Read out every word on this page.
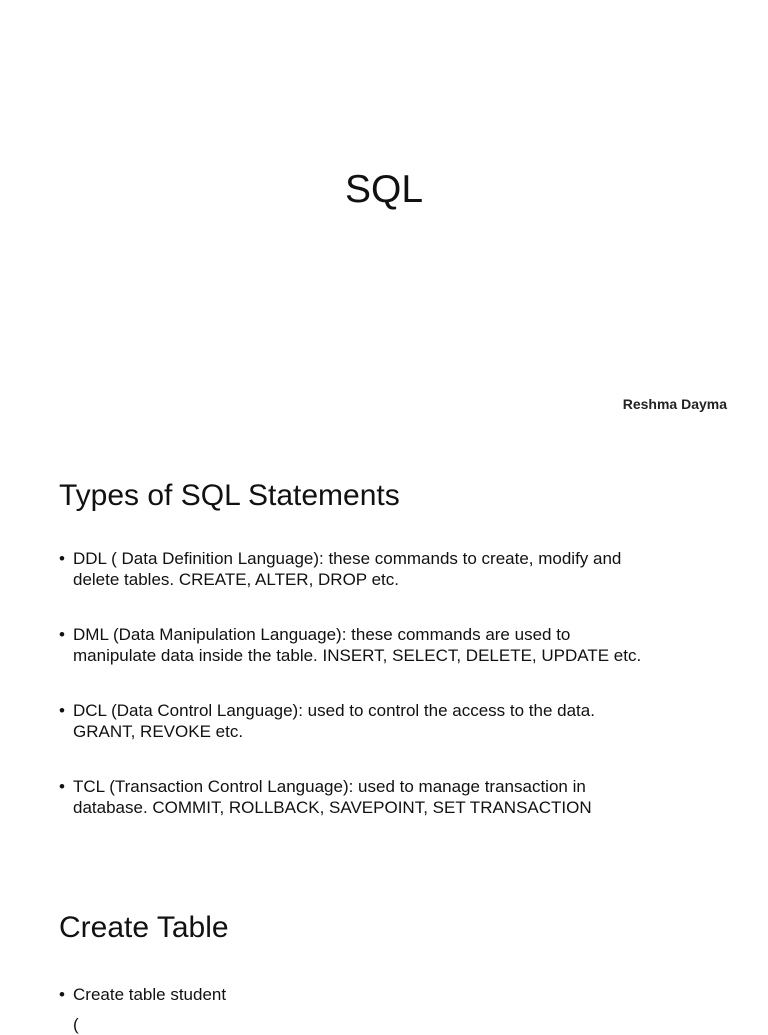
SQL
Reshma Dayma
Types of SQL Statements
• DDL ( Data Definition Language): these commands to create, modify and
delete tables. CREATE, ALTER, DROP etc.
• DML (Data Manipulation Language): these commands are used to
manipulate data inside the table. INSERT, SELECT, DELETE, UPDATE etc.
• DCL (Data Control Language): used to control the access to the data.
GRANT, REVOKE etc.
• TCL (Transaction Control Language): used to manage transaction in
database. COMMIT, ROLLBACK, SAVEPOINT, SET TRANSACTION
Create Table
• Create table student
(
